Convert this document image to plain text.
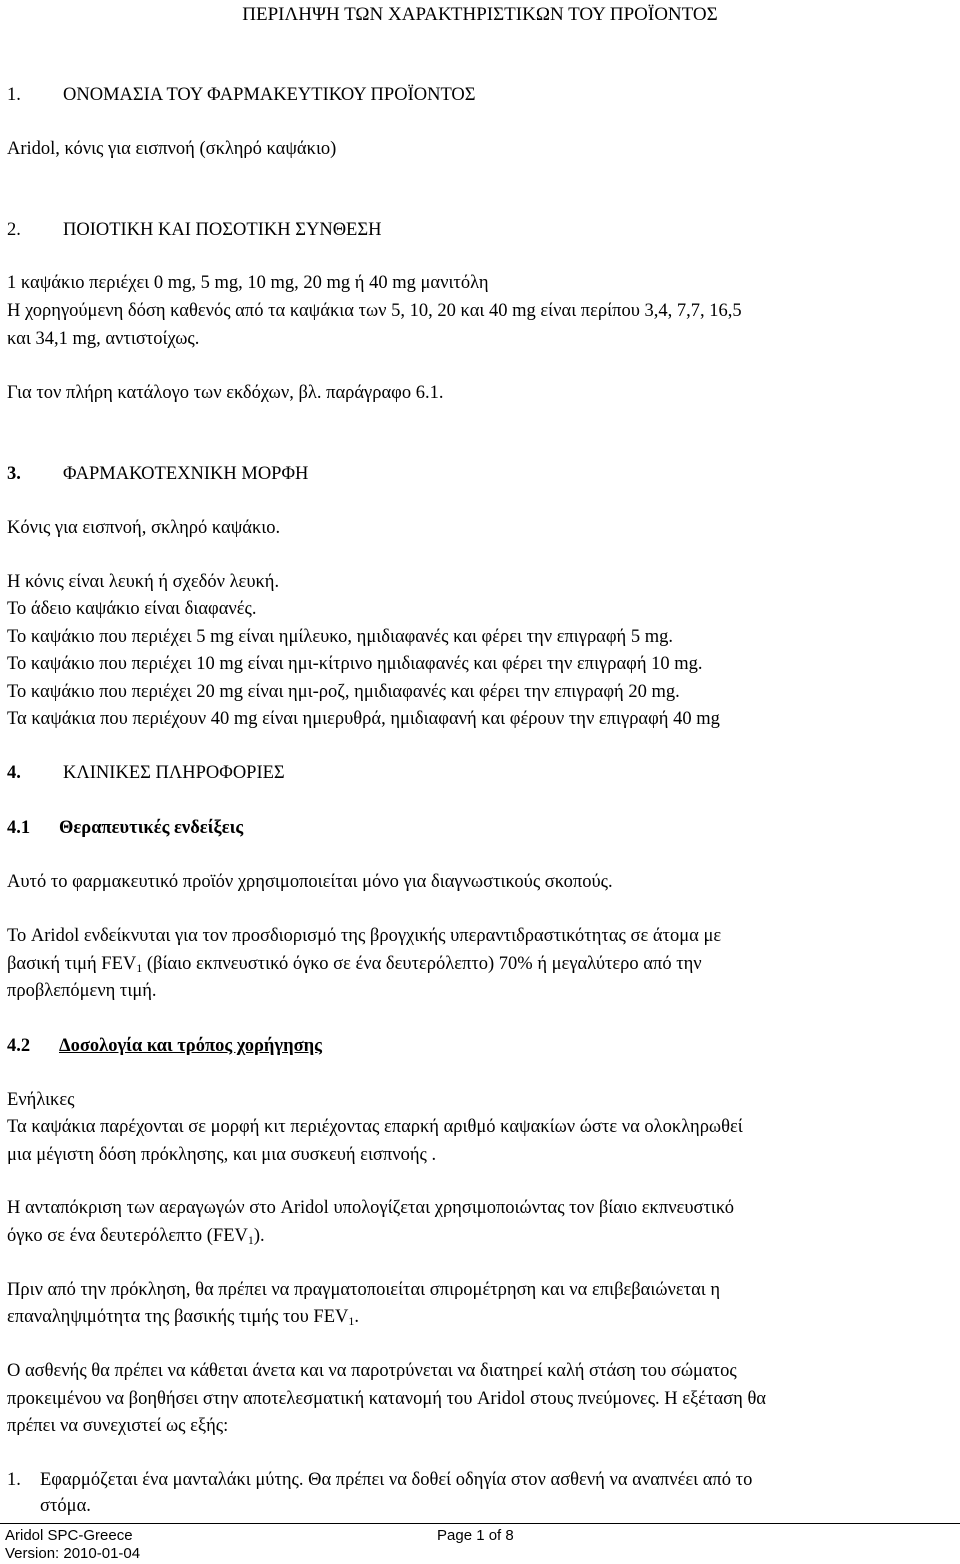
ΠΕΡΙΛΗΨΗ ΤΩΝ ΧΑΡΑΚΤΗΡΙΣΤΙΚΩΝ ΤΟΥ ΠΡΟΪΟΝΤΟΣ
1. ΟΝΟΜΑΣΙΑ ΤΟΥ ΦΑΡΜΑΚΕΥΤΙΚΟΥ ΠΡΟΪΟΝΤΟΣ
Aridol, κόνις για εισπνοή (σκληρό καψάκιο)
2. ΠΟΙΟΤΙΚΗ ΚΑΙ ΠΟΣΟΤΙΚΗ ΣΥΝΘΕΣΗ
1 καψάκιο περιέχει 0 mg, 5 mg, 10 mg, 20 mg ή 40 mg μανιτόλη
Η χορηγούμενη δόση καθενός από τα καψάκια των 5, 10, 20 και 40 mg είναι περίπου 3,4, 7,7, 16,5
και 34,1 mg, αντιστοίχως.
Για τον πλήρη κατάλογο των εκδόχων, βλ. παράγραφο 6.1.
3. ΦΑΡΜΑΚΟΤΕΧΝΙΚΗ ΜΟΡΦΗ
Κόνις για εισπνοή, σκληρό καψάκιο.
Η κόνις είναι λευκή ή σχεδόν λευκή.
Το άδειο καψάκιο είναι διαφανές.
Το καψάκιο που περιέχει 5 mg είναι ημίλευκο, ημιδιαφανές και φέρει την επιγραφή 5 mg.
Το καψάκιο που περιέχει 10 mg είναι ημι-κίτρινο ημιδιαφανές και φέρει την επιγραφή 10 mg.
Το καψάκιο που περιέχει 20 mg είναι ημι-ροζ, ημιδιαφανές και φέρει την επιγραφή 20 mg.
Τα καψάκια που περιέχουν 40 mg είναι ημιερυθρά, ημιδιαφανή και φέρουν την επιγραφή 40 mg
4. ΚΛΙΝΙΚΕΣ ΠΛΗΡΟΦΟΡΙΕΣ
4.1 Θεραπευτικές ενδείξεις
Αυτό το φαρμακευτικό προϊόν χρησιμοποιείται μόνο για διαγνωστικούς σκοπούς.
Το Aridol ενδείκνυται για τον προσδιορισμό της βρογχικής υπεραντιδραστικότητας σε άτομα με
βασική τιμή $FEV_1$ (βίαιο εκπνευστικό όγκο σε ένα δευτερόλεπτο) 70% ή μεγαλύτερο από την
προβλεπόμενη τιμή.
4.2 Δοσολογία και τρόπος χορήγησης
Ενήλικες
Τα καψάκια παρέχονται σε μορφή κιτ περιέχοντας επαρκή αριθμό καψακίων ώστε να ολοκληρωθεί
μια μέγιστη δόση πρόκλησης, και μια συσκευή εισπνοής .
Η ανταπόκριση των αεραγωγών στο Aridol υπολογίζεται χρησιμοποιώντας τον βίαιο εκπνευστικό
όγκο σε ένα δευτερόλεπτο $(FEV_1)$.
Πριν από την πρόκληση, θα πρέπει να πραγματοποιείται σπιρομέτρηση και να επιβεβαιώνεται η
επαναληψιμότητα της βασικής τιμής του $FEV_1$.
Ο ασθενής θα πρέπει να κάθεται άνετα και να παροτρύνεται να διατηρεί καλή στάση του σώματος
προκειμένου να βοηθήσει στην αποτελεσματική κατανομή του Aridol στους πνεύμονες. Η εξέταση θα
πρέπει να συνεχιστεί ως εξής:
1. Εφαρμόζεται ένα μανταλάκι μύτης. Θα πρέπει να δοθεί οδηγία στον ασθενή να αναπνέει από το
στόμα.
Aridol SPC-Greece	Page 1 of 8
Version: 2010-01-04
